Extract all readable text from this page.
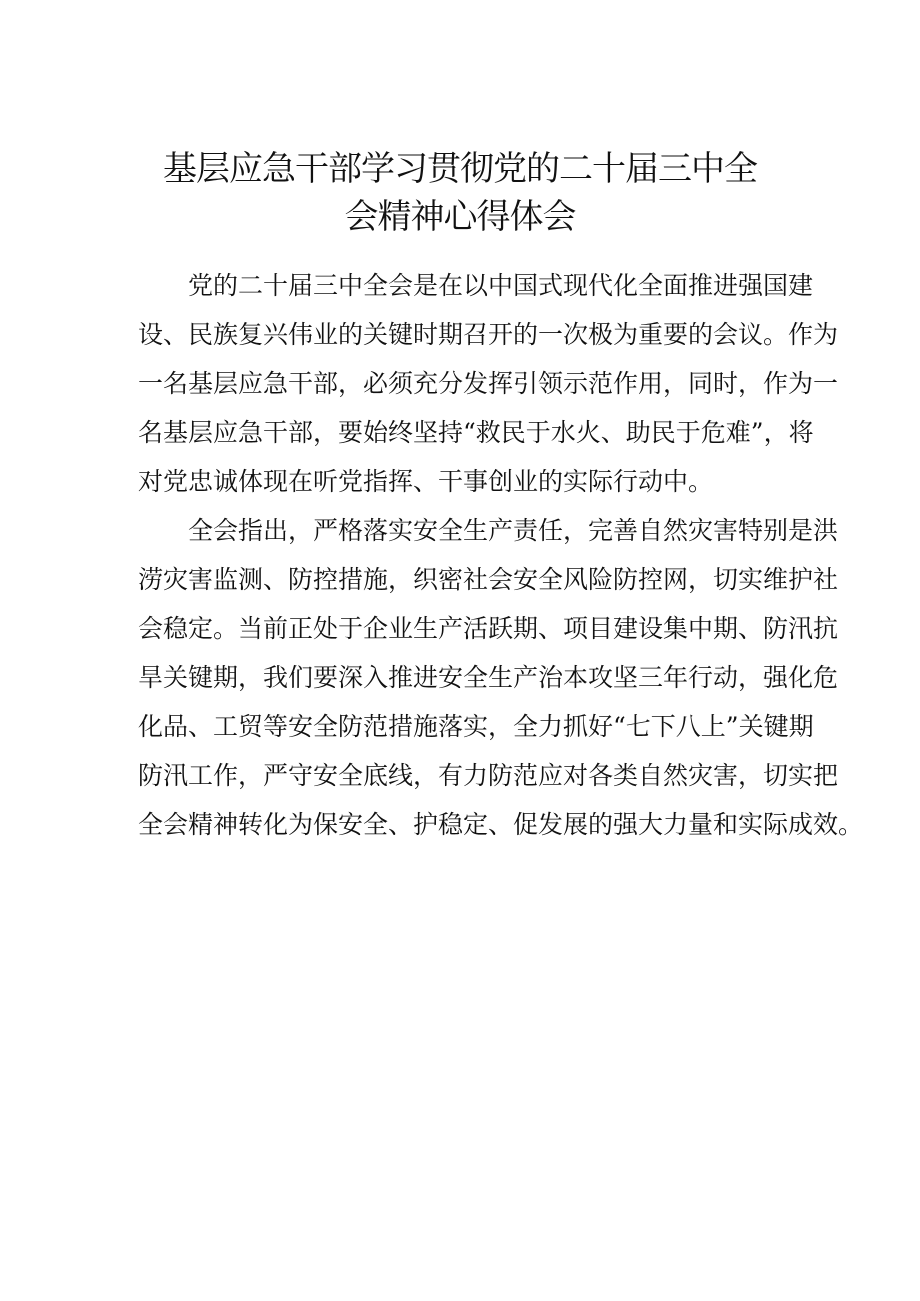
基层应急干部学习贯彻党的二十届三中全
会精神心得体会
党的二十届三中全会是在以中国式现代化全面推进强国建
设、民族复兴伟业的关键时期召开的一次极为重要的会议。作为
一名基层应急干部，必须充分发挥引领示范作用，同时，作为一
名基层应急干部，要始终坚持“救民于水火、助民于危难”，将
对党忠诚体现在听党指挥、干事创业的实际行动中。
全会指出，严格落实安全生产责任，完善自然灾害特别是洪
涝灾害监测、防控措施，织密社会安全风险防控网，切实维护社
会稳定。当前正处于企业生产活跃期、项目建设集中期、防汛抗
旱关键期，我们要深入推进安全生产治本攻坚三年行动，强化危
化品、工贸等安全防范措施落实，全力抓好“七下八上”关键期
防汛工作，严守安全底线，有力防范应对各类自然灾害，切实把
全会精神转化为保安全、护稳定、促发展的强大力量和实际成效。
